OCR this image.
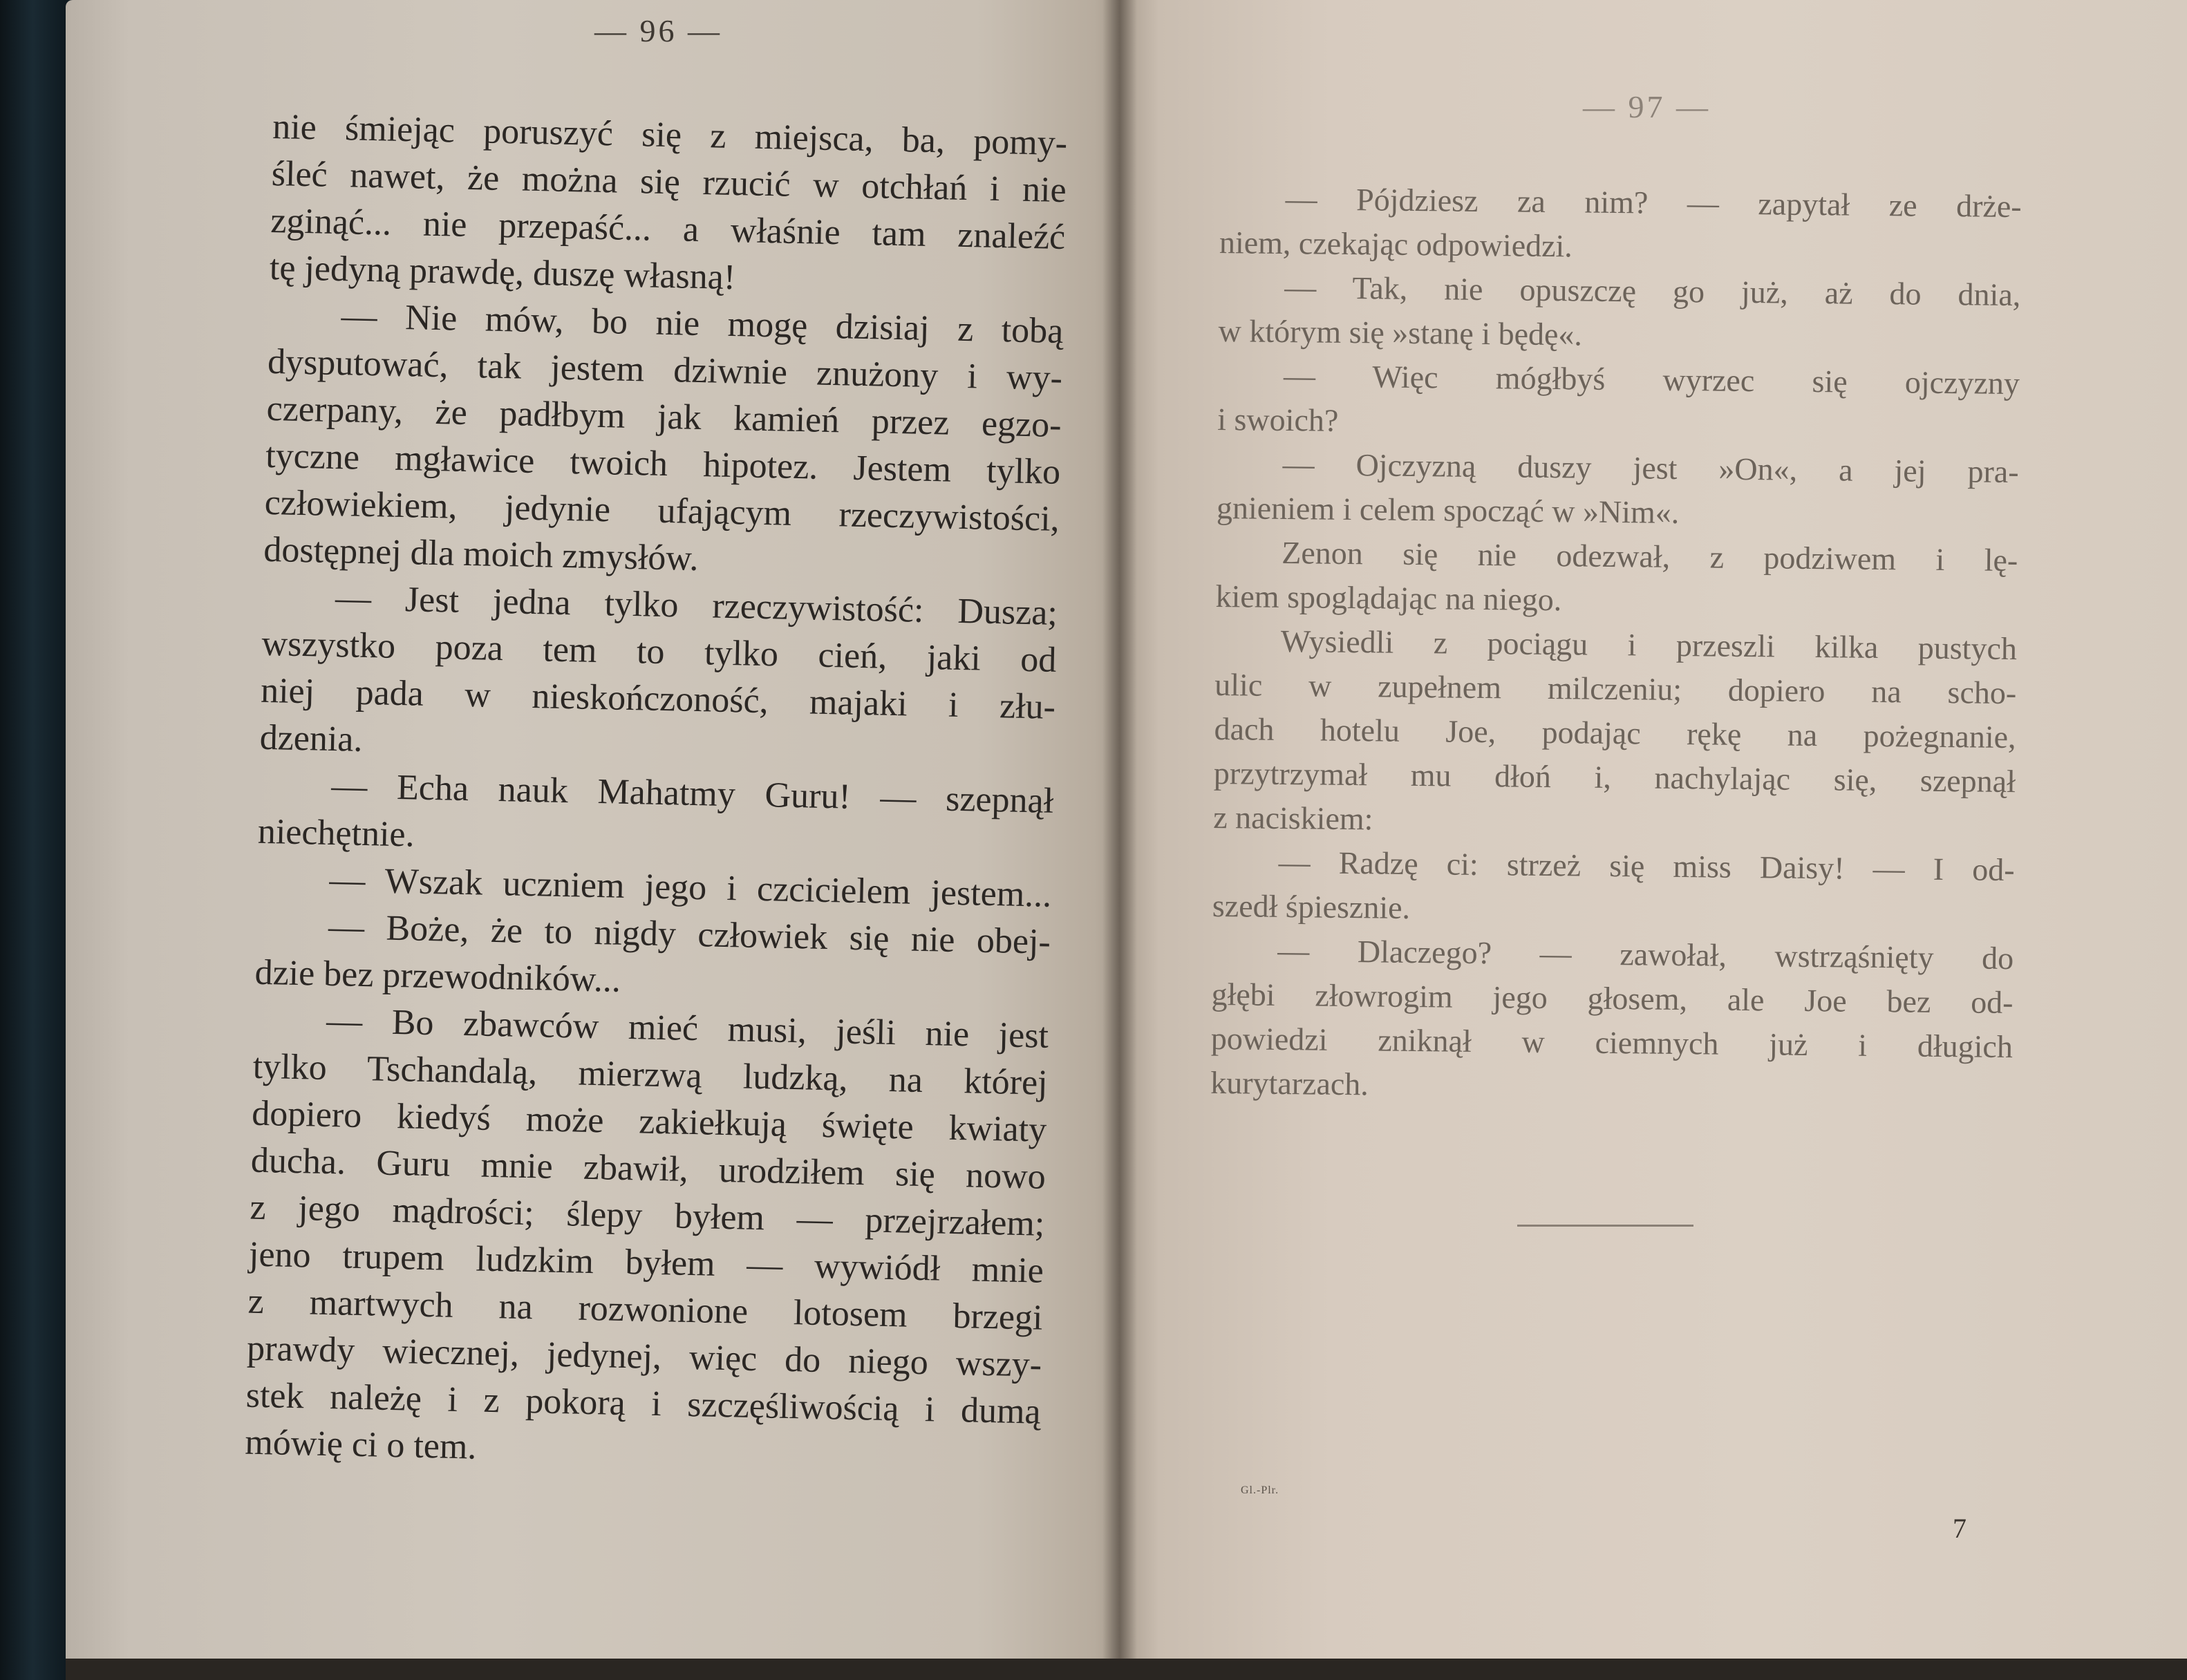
— 96 —
— 97 —
nie śmiejąc poruszyć się z miejsca, ba, pomy-
śleć nawet, że można się rzucić w otchłań i nie
zginąć... nie przepaść... a właśnie tam znaleźć
tę jedyną prawdę, duszę własną!
— Nie mów, bo nie mogę dzisiaj z tobą
dysputować, tak jestem dziwnie znużony i wy-
czerpany, że padłbym jak kamień przez egzo-
tyczne mgławice twoich hipotez. Jestem tylko
człowiekiem, jedynie ufającym rzeczywistości,
dostępnej dla moich zmysłów.
— Jest jedna tylko rzeczywistość: Dusza;
wszystko poza tem to tylko cień, jaki od
niej pada w nieskończoność, majaki i złu-
dzenia.
— Echa nauk Mahatmy Guru! — szepnął
niechętnie.
— Wszak uczniem jego i czcicielem jestem...
— Boże, że to nigdy człowiek się nie obej-
dzie bez przewodników...
— Bo zbawców mieć musi, jeśli nie jest
tylko Tschandalą, mierzwą ludzką, na której
dopiero kiedyś może zakiełkują święte kwiaty
ducha. Guru mnie zbawił, urodziłem się nowo
z jego mądrości; ślepy byłem — przejrzałem;
jeno trupem ludzkim byłem — wywiódł mnie
z martwych na rozwonione lotosem brzegi
prawdy wiecznej, jedynej, więc do niego wszy-
stek należę i z pokorą i szczęśliwością i dumą
mówię ci o tem.
— Pójdziesz za nim? — zapytał ze drże-
niem, czekając odpowiedzi.
— Tak, nie opuszczę go już, aż do dnia,
w którym się »stanę i będę«.
— Więc mógłbyś wyrzec się ojczyzny
i swoich?
— Ojczyzną duszy jest »On«, a jej pra-
gnieniem i celem spocząć w »Nim«.
Zenon się nie odezwał, z podziwem i lę-
kiem spoglądając na niego.
Wysiedli z pociągu i przeszli kilka pustych
ulic w zupełnem milczeniu; dopiero na scho-
dach hotelu Joe, podając rękę na pożegnanie,
przytrzymał mu dłoń i, nachylając się, szepnął
z naciskiem:
— Radzę ci: strzeż się miss Daisy! — I od-
szedł śpiesznie.
— Dlaczego? — zawołał, wstrząśnięty do
głębi złowrogim jego głosem, ale Joe bez od-
powiedzi zniknął w ciemnych już i długich
kurytarzach.
Gl.-Plr.
7
